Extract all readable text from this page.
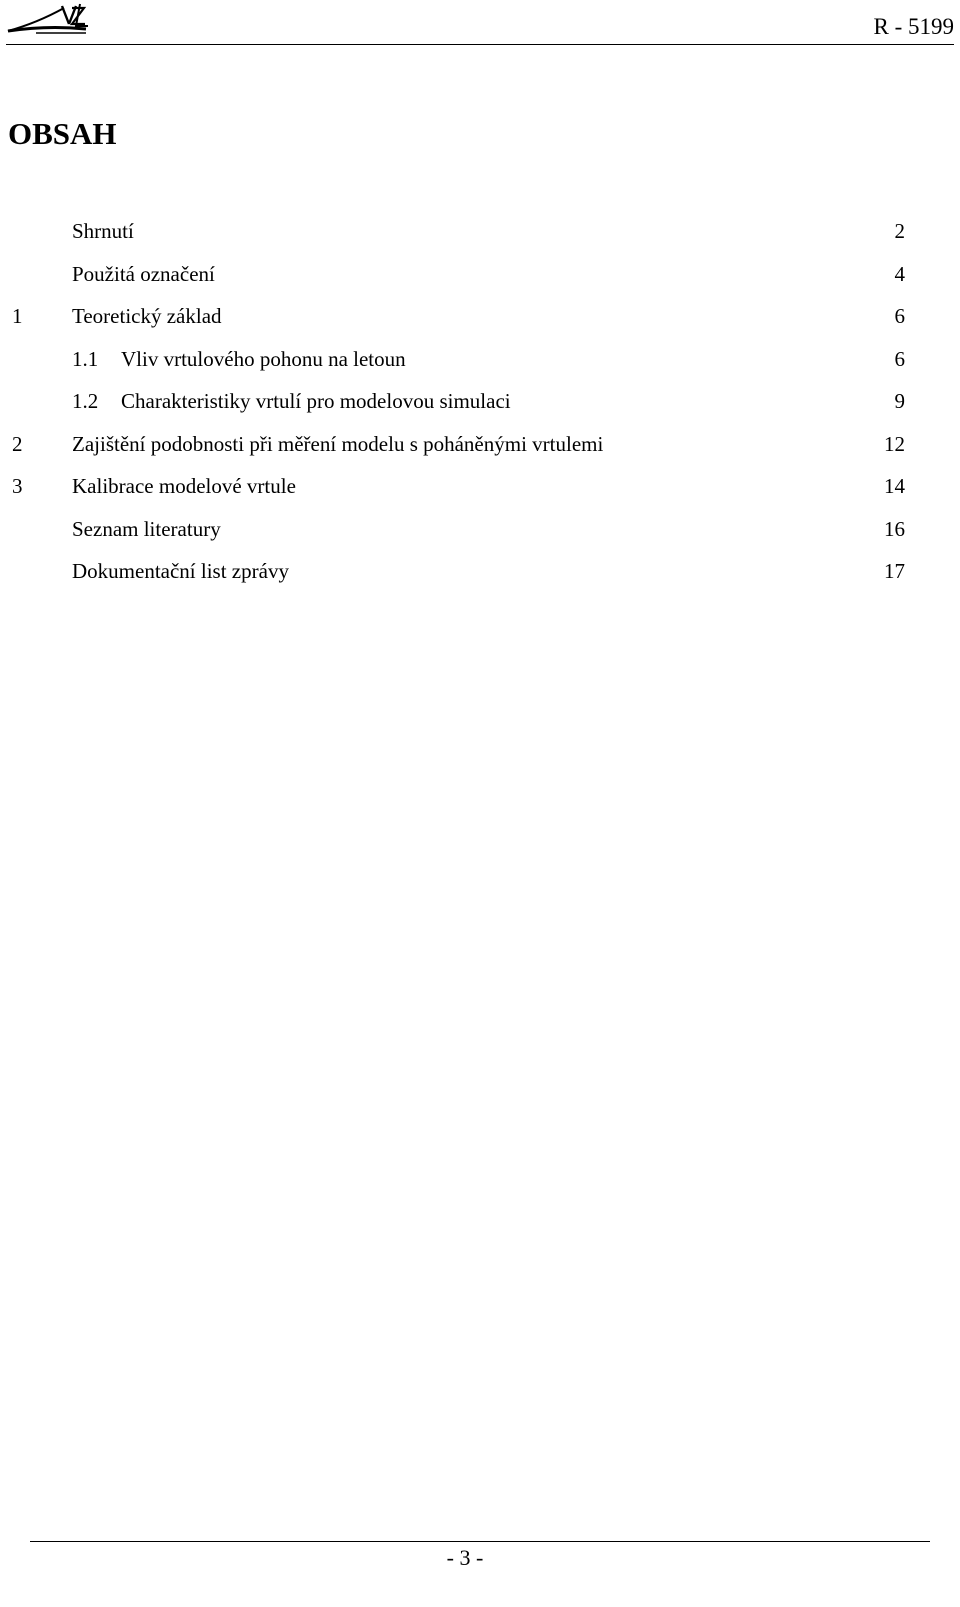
R - 5199
OBSAH
Shrnutí	2
Použitá označení	4
1 Teoretický základ	6
1.1 Vliv vrtulového pohonu na letoun	6
1.2 Charakteristiky vrtulí pro modelovou simulaci	9
2 Zajištění podobnosti při měření modelu s poháněnými vrtulemi	12
3 Kalibrace modelové vrtule	14
Seznam literatury	16
Dokumentační list zprávy	17
- 3 -
